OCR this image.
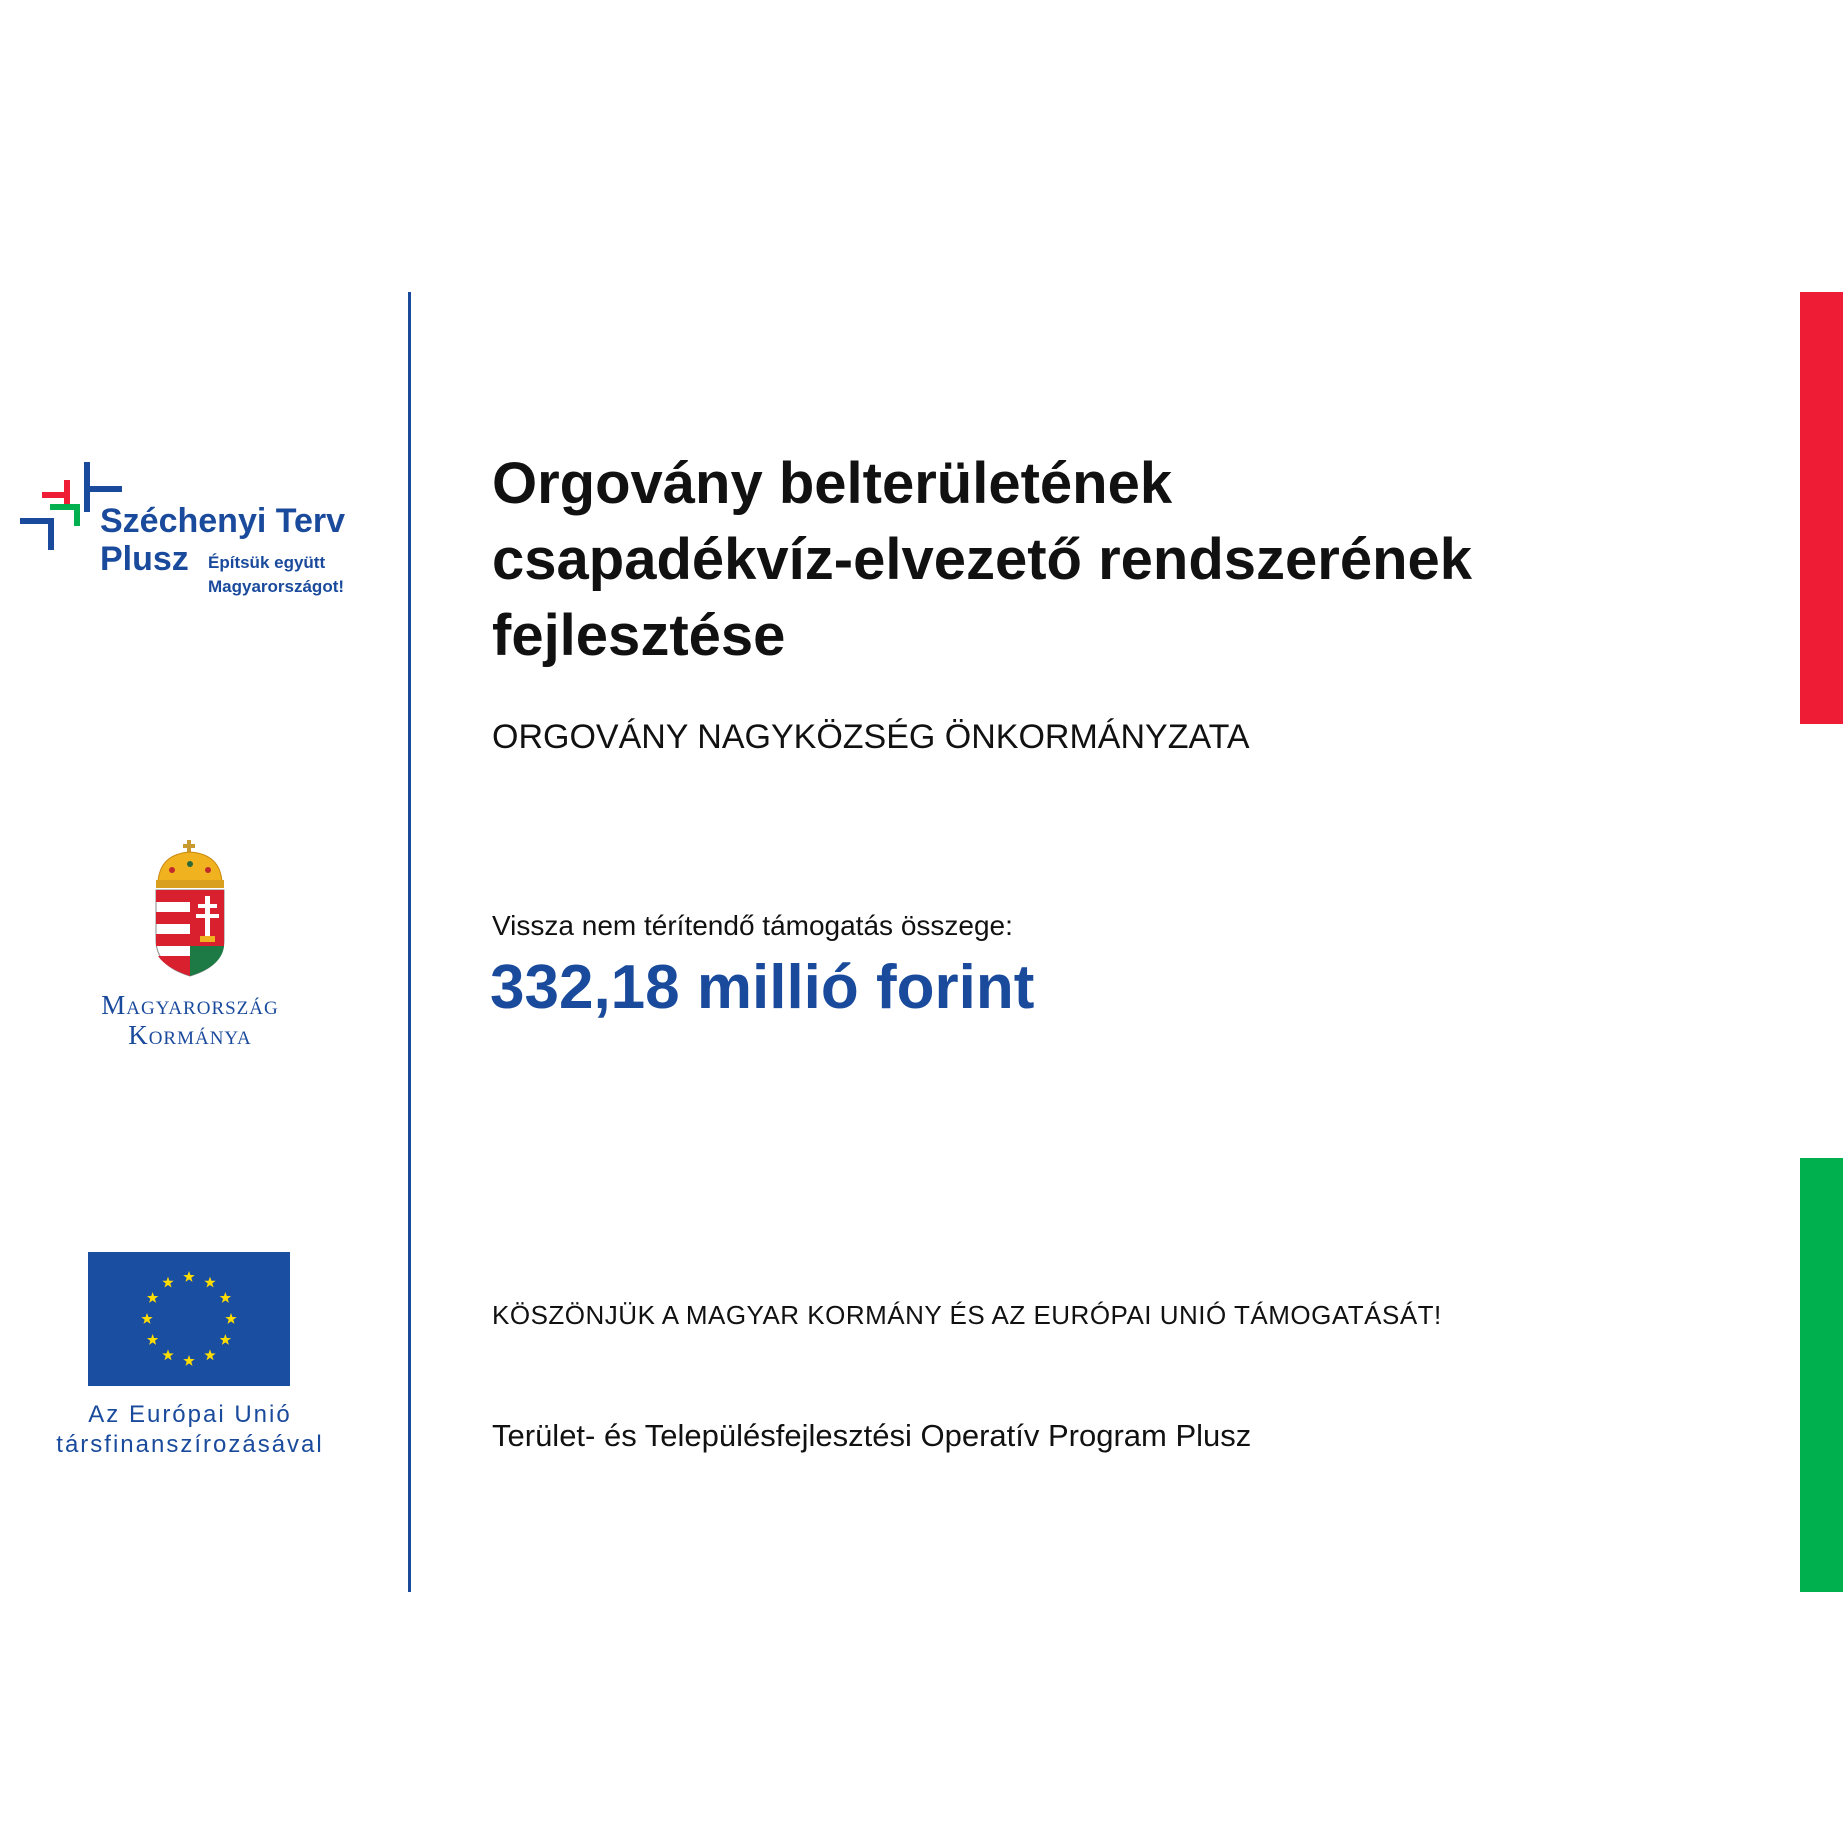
Széchenyi Terv
Plusz Építsük együtt
Magyarországot!
Magyarország
Kormánya
Az Európai Unió
társfinanszírozásával
Orgovány belterületének
csapadékvíz-elvezető rendszerének
fejlesztése
ORGOVÁNY NAGYKÖZSÉG ÖNKORMÁNYZATA
Vissza nem térítendő támogatás összege:
332,18 millió forint
KÖSZÖNJÜK A MAGYAR KORMÁNY ÉS AZ EURÓPAI UNIÓ TÁMOGATÁSÁT!
Terület- és Településfejlesztési Operatív Program Plusz
